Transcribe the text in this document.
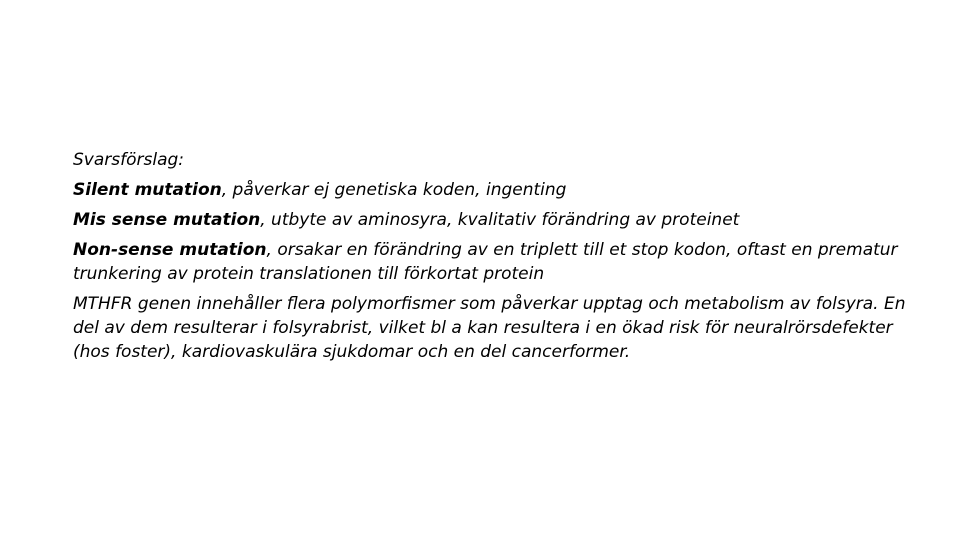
Svarsförslag:

Silent mutation, påverkar ej genetiska koden, ingenting

Mis sense mutation, utbyte av aminosyra, kvalitativ förändring av proteinet

Non-sense mutation, orsakar en förändring av en triplett till et stop kodon, oftast en prematur trunkering av protein translationen till förkortat protein

MTHFR genen innehåller flera polymorfismer som påverkar upptag och metabolism av folsyra. En del av dem resulterar i folsyrabrist, vilket bl a kan resultera i en ökad risk för neuralrörsdefekter (hos foster), kardiovaskulära sjukdomar och en del cancerformer.
